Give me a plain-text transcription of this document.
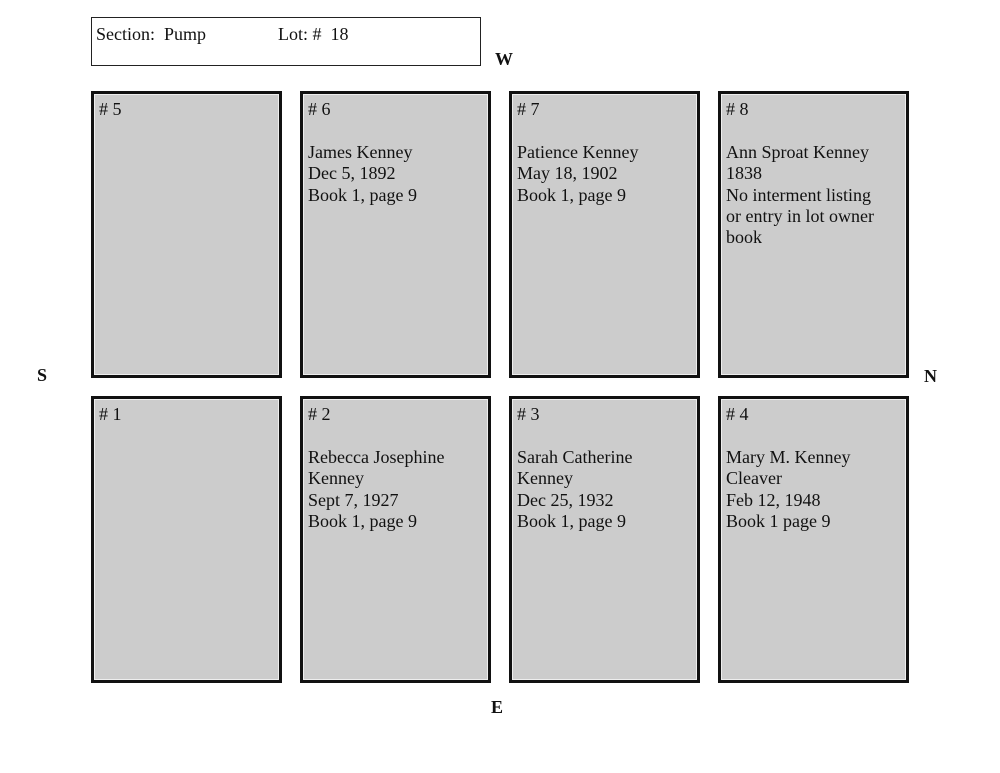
Section:  Pump	Lot: #  18
W
E
S	N
# 5	# 6
James Kenney
Dec 5, 1892
Book 1, page 9
# 7
Patience Kenney
May 18, 1902
Book 1, page 9
# 8
Ann Sproat Kenney
1838
No interment listing
or entry in lot owner
book
# 1	# 2
Rebecca Josephine
Kenney
Sept 7, 1927
Book 1, page 9
# 3
Sarah Catherine
Kenney
Dec 25, 1932
Book 1, page 9
# 4
Mary M. Kenney
Cleaver
Feb 12, 1948
Book 1 page 9
